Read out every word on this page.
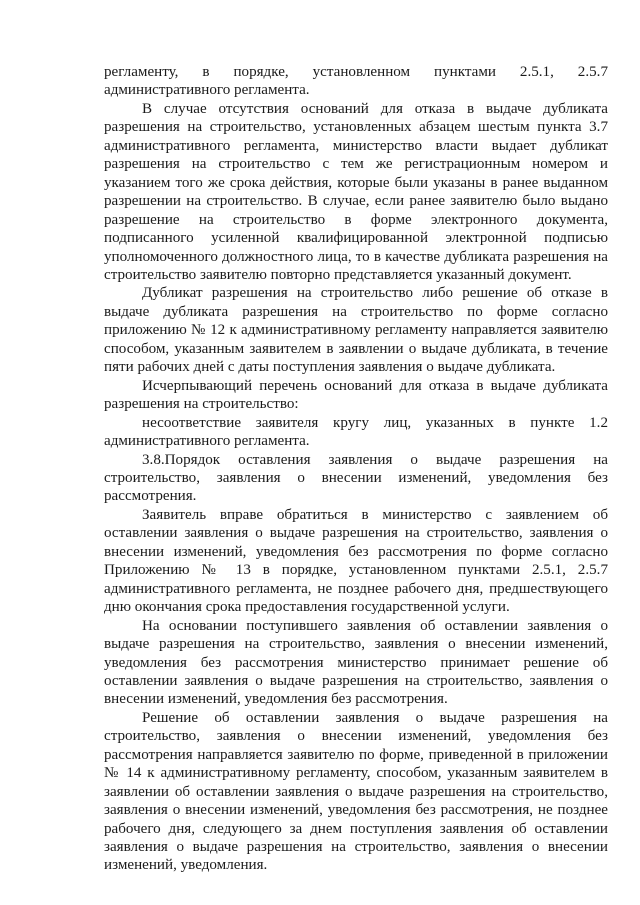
регламенту, в порядке, установленном пунктами 2.5.1, 2.5.7 административного регламента.

В случае отсутствия оснований для отказа в выдаче дубликата разрешения на строительство, установленных абзацем шестым пункта 3.7 административного регламента, министерство власти выдает дубликат разрешения на строительство с тем же регистрационным номером и указанием того же срока действия, которые были указаны в ранее выданном разрешении на строительство. В случае, если ранее заявителю было выдано разрешение на строительство в форме электронного документа, подписанного усиленной квалифицированной электронной подписью уполномоченного должностного лица, то в качестве дубликата разрешения на строительство заявителю повторно представляется указанный документ.

Дубликат разрешения на строительство либо решение об отказе в выдаче дубликата разрешения на строительство по форме согласно приложению № 12 к административному регламенту направляется заявителю способом, указанным заявителем в заявлении о выдаче дубликата, в течение пяти рабочих дней с даты поступления заявления о выдаче дубликата.

Исчерпывающий перечень оснований для отказа в выдаче дубликата разрешения на строительство:

несоответствие заявителя кругу лиц, указанных в пункте 1.2 административного регламента.

3.8.Порядок оставления заявления о выдаче разрешения на строительство, заявления о внесении изменений, уведомления без рассмотрения.

Заявитель вправе обратиться в министерство с заявлением об оставлении заявления о выдаче разрешения на строительство, заявления о внесении изменений, уведомления без рассмотрения по форме согласно Приложению № 13 в порядке, установленном пунктами 2.5.1, 2.5.7 административного регламента, не позднее рабочего дня, предшествующего дню окончания срока предоставления государственной услуги.

На основании поступившего заявления об оставлении заявления о выдаче разрешения на строительство, заявления о внесении изменений, уведомления без рассмотрения министерство принимает решение об оставлении заявления о выдаче разрешения на строительство, заявления о внесении изменений, уведомления без рассмотрения.

Решение об оставлении заявления о выдаче разрешения на строительство, заявления о внесении изменений, уведомления без рассмотрения направляется заявителю по форме, приведенной в приложении № 14 к административному регламенту, способом, указанным заявителем в заявлении об оставлении заявления о выдаче разрешения на строительство, заявления о внесении изменений, уведомления без рассмотрения, не позднее рабочего дня, следующего за днем поступления заявления об оставлении заявления о выдаче разрешения на строительство, заявления о внесении изменений, уведомления.
